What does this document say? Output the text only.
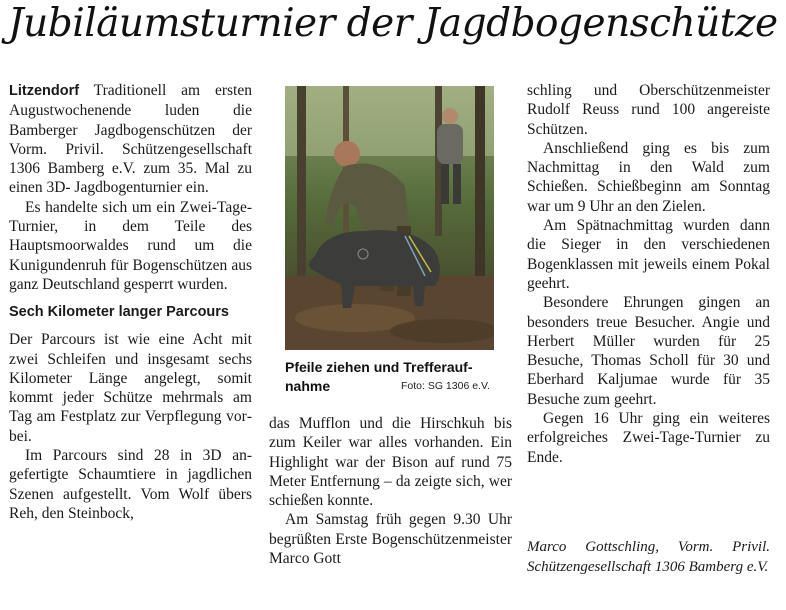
Jubiläumsturnier der Jagdbogenschütze

Litzendorf Traditionell am ersten Augustwochenende luden die Bamberger Jagdbogenschützen der Vorm. Privil. Schützengesellschaft 1306 Bamberg e.V. zum 35. Mal zu einen 3D- Jagdbogenturnier ein.

Es handelte sich um ein Zwei-Tage-Turnier, in dem Teile des Hauptsmoorwaldes rund um die Kunigundenruh für Bogenschützen aus ganz Deutschland gesperrt wurden.

Sech Kilometer langer Parcours

Der Parcours ist wie eine Acht mit zwei Schleifen und insgesamt sechs Kilometer Länge angelegt, somit kommt jeder Schütze mehrmals am Tag am Festplatz zur Verpflegung vorbei.

Im Parcours sind 28 in 3D angefertigte Schaumtiere in jagdlichen Szenen aufgestellt. Vom Wolf übers Reh, den Steinbock,

Pfeile ziehen und Trefferaufnahme	Foto: SG 1306 e.V.

das Mufflon und die Hirschkuh bis zum Keiler war alles vorhanden. Ein Highlight war der Bison auf rund 75 Meter Entfernung – da zeigte sich, wer schießen konnte.

Am Samstag früh gegen 9.30 Uhr begrüßten Erste Bogenschützenmeister Marco Gott

schling und Oberschützenmeister Rudolf Reuss rund 100 angereiste Schützen.

Anschließend ging es bis zum Nachmittag in den Wald zum Schießen. Schießbeginn am Sonntag war um 9 Uhr an den Zielen.

Am Spätnachmittag wurden dann die Sieger in den verschiedenen Bogenklassen mit jeweils einem Pokal geehrt.

Besondere Ehrungen gingen an besonders treue Besucher. Angie und Herbert Müller wurden für 25 Besuche, Thomas Scholl für 30 und Eberhard Kaljumae wurde für 35 Besuche zum geehrt.

Gegen 16 Uhr ging ein weiteres erfolgreiches Zwei-Tage-Turnier zu Ende.

Marco Gottschling, Vorm. Privil. Schützengesellschaft 1306 Bamberg e.V.
